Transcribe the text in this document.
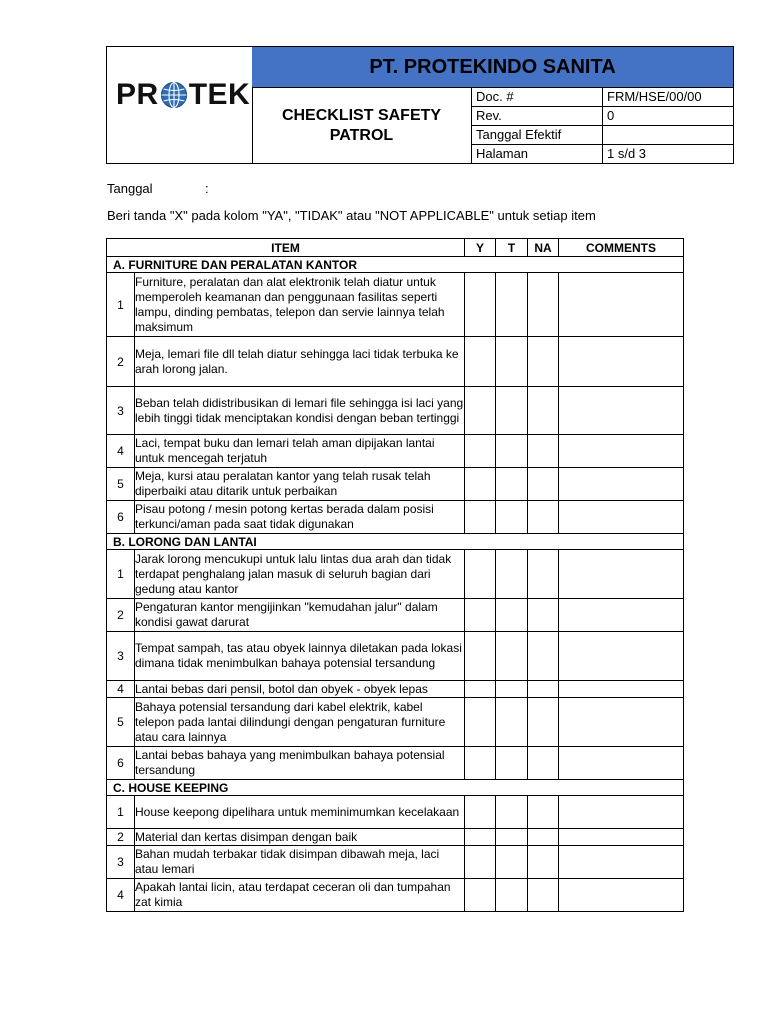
PR TEK
PT. PROTEKINDO SANITA
CHECKLIST SAFETY
PATROL
Doc. #	FRM/HSE/00/00
Rev.	0
Tanggal Efektif	
Halaman	1 s/d 3
Tanggal	:
Beri tanda "X" pada kolom "YA", "TIDAK" atau "NOT APPLICABLE" untuk setiap item
ITEM		Y	T	NA	COMMENTS
A. FURNITURE DAN PERALATAN KANTOR					
1	Furniture, peralatan dan alat elektronik telah diatur untuk memperoleh keamanan dan penggunaan fasilitas seperti lampu, dinding pembatas, telepon dan servie lainnya telah maksimum				
2	Meja, lemari file dll telah diatur sehingga laci tidak terbuka ke arah lorong jalan.				
3	Beban telah didistribusikan di lemari file sehingga isi laci yang lebih tinggi tidak menciptakan kondisi dengan beban tertinggi				
4	Laci, tempat buku dan lemari telah aman dipijakan lantai untuk mencegah terjatuh				
5	Meja, kursi atau peralatan kantor yang telah rusak telah diperbaiki atau ditarik untuk perbaikan				
6	Pisau potong / mesin potong kertas berada dalam posisi terkunci/aman pada saat tidak digunakan				
B. LORONG DAN LANTAI					
1	Jarak lorong mencukupi untuk lalu lintas dua arah dan tidak terdapat penghalang jalan masuk di seluruh bagian dari gedung atau kantor				
2	Pengaturan kantor mengijinkan "kemudahan jalur" dalam kondisi gawat darurat				
3	Tempat sampah, tas atau obyek lainnya diletakan pada lokasi dimana tidak menimbulkan bahaya potensial tersandung				
4	Lantai bebas dari pensil, botol dan obyek - obyek lepas				
5	Bahaya potensial tersandung dari kabel elektrik, kabel telepon pada lantai dilindungi dengan pengaturan furniture atau cara lainnya				
6	Lantai bebas bahaya yang menimbulkan bahaya potensial tersandung				
C. HOUSE KEEPING					
1	House keepong dipelihara untuk meminimumkan kecelakaan				
2	Material dan kertas disimpan dengan baik				
3	Bahan mudah terbakar tidak disimpan dibawah meja, laci atau lemari				
4	Apakah lantai licin, atau terdapat ceceran oli dan tumpahan zat kimia				
